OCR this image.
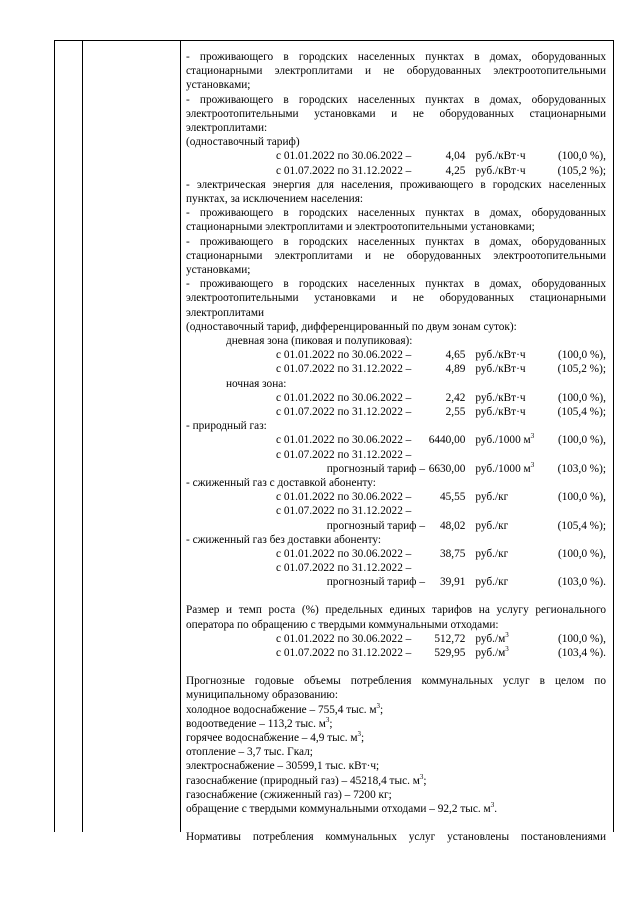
- проживающего в городских населенных пунктах в домах, оборудованных стационарными электроплитами и не оборудованных электроотопительными установками;
- проживающего в городских населенных пунктах в домах, оборудованных электроотопительными установками и не оборудованных стационарными электроплитами:
(одноставочный тариф)
с 01.01.2022 по 30.06.2022 –	4,04 руб./кВт·ч	(100,0 %),
с 01.07.2022 по 31.12.2022 –	4,25 руб./кВт·ч	(105,2 %);
- электрическая энергия для населения, проживающего в городских населенных пунктах, за исключением населения:
- проживающего в городских населенных пунктах в домах, оборудованных стационарными электроплитами и электроотопительными установками;
- проживающего в городских населенных пунктах в домах, оборудованных стационарными электроплитами и не оборудованных электроотопительными установками;
- проживающего в городских населенных пунктах в домах, оборудованных электроотопительными установками и не оборудованных стационарными электроплитами
(одноставочный тариф, дифференцированный по двум зонам суток):
дневная зона (пиковая и полупиковая):
с 01.01.2022 по 30.06.2022 –	4,65 руб./кВт·ч	(100,0 %),
с 01.07.2022 по 31.12.2022 –	4,89 руб./кВт·ч	(105,2 %);
ночная зона:
с 01.01.2022 по 30.06.2022 –	2,42 руб./кВт·ч	(100,0 %),
с 01.07.2022 по 31.12.2022 –	2,55 руб./кВт·ч	(105,4 %);
- природный газ:
с 01.01.2022 по 30.06.2022 –	6440,00 руб./1000 $м^3$	(100,0 %),
с 01.07.2022 по 31.12.2022 –
прогнозный тариф – 6630,00 руб./1000 $м^3$	(103,0 %);
- сжиженный газ с доставкой абоненту:
с 01.01.2022 по 30.06.2022 –	45,55 руб./кг	(100,0 %),
с 01.07.2022 по 31.12.2022 –
прогнозный тариф –	48,02 руб./кг	(105,4 %);
- сжиженный газ без доставки абоненту:
с 01.01.2022 по 30.06.2022 –	38,75 руб./кг	(100,0 %),
с 01.07.2022 по 31.12.2022 –
прогнозный тариф –	39,91 руб./кг	(103,0 %).
Размер и темп роста (%) предельных единых тарифов на услугу регионального оператора по обращению с твердыми коммунальными отходами:
с 01.01.2022 по 30.06.2022 –	512,72 $руб./м^3$	(100,0 %),
с 01.07.2022 по 31.12.2022 –	529,95 $руб./м^3$	(103,4 %).
Прогнозные годовые объемы потребления коммунальных услуг в целом по муниципальному образованию:
холодное водоснабжение – 755,4 тыс. $м^3$;
водоотведение – 113,2 тыс. $м^3$;
горячее водоснабжение – 4,9 тыс. $м^3$;
отопление – 3,7 тыс. Гкал;
электроснабжение – 30599,1 тыс. кВт·ч;
газоснабжение (природный газ) – 45218,4 тыс. $м^3$;
газоснабжение (сжиженный газ) – 7200 кг;
обращение с твердыми коммунальными отходами – 92,2 тыс. $м^3$.
Нормативы потребления коммунальных услуг установлены постановлениями
